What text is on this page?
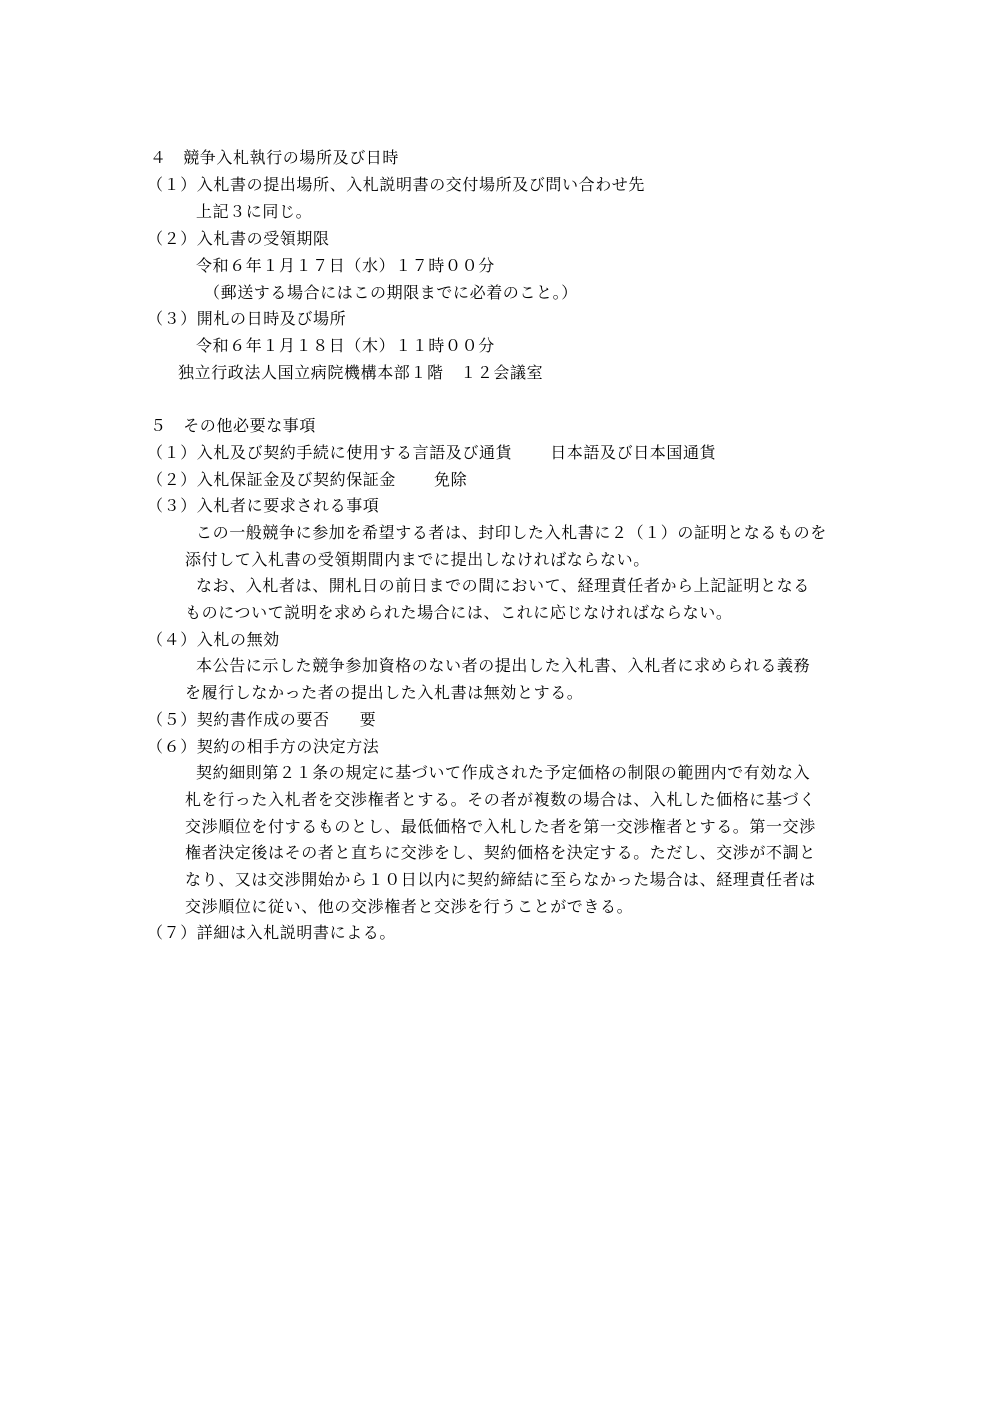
４　競争入札執行の場所及び日時
（１）入札書の提出場所、入札説明書の交付場所及び問い合わせ先
上記３に同じ。
（２）入札書の受領期限
令和６年１月１７日（水）１７時００分
（郵送する場合にはこの期限までに必着のこと。）
（３）開札の日時及び場所
令和６年１月１８日（木）１１時００分
独立行政法人国立病院機構本部１階　１２会議室
５　その他必要な事項
（１）入札及び契約手続に使用する言語及び通貨 日本語及び日本国通貨
（２）入札保証金及び契約保証金 免除
（３）入札者に要求される事項
この一般競争に参加を希望する者は、封印した入札書に２（１）の証明となるものを
添付して入札書の受領期間内までに提出しなければならない。
なお、入札者は、開札日の前日までの間において、経理責任者から上記証明となる
ものについて説明を求められた場合には、これに応じなければならない。
（４）入札の無効
本公告に示した競争参加資格のない者の提出した入札書、入札者に求められる義務
を履行しなかった者の提出した入札書は無効とする。
（５）契約書作成の要否 要
（６）契約の相手方の決定方法
契約細則第２１条の規定に基づいて作成された予定価格の制限の範囲内で有効な入
札を行った入札者を交渉権者とする。その者が複数の場合は、入札した価格に基づく
交渉順位を付するものとし、最低価格で入札した者を第一交渉権者とする。第一交渉
権者決定後はその者と直ちに交渉をし、契約価格を決定する。ただし、交渉が不調と
なり、又は交渉開始から１０日以内に契約締結に至らなかった場合は、経理責任者は
交渉順位に従い、他の交渉権者と交渉を行うことができる。
（７）詳細は入札説明書による。
